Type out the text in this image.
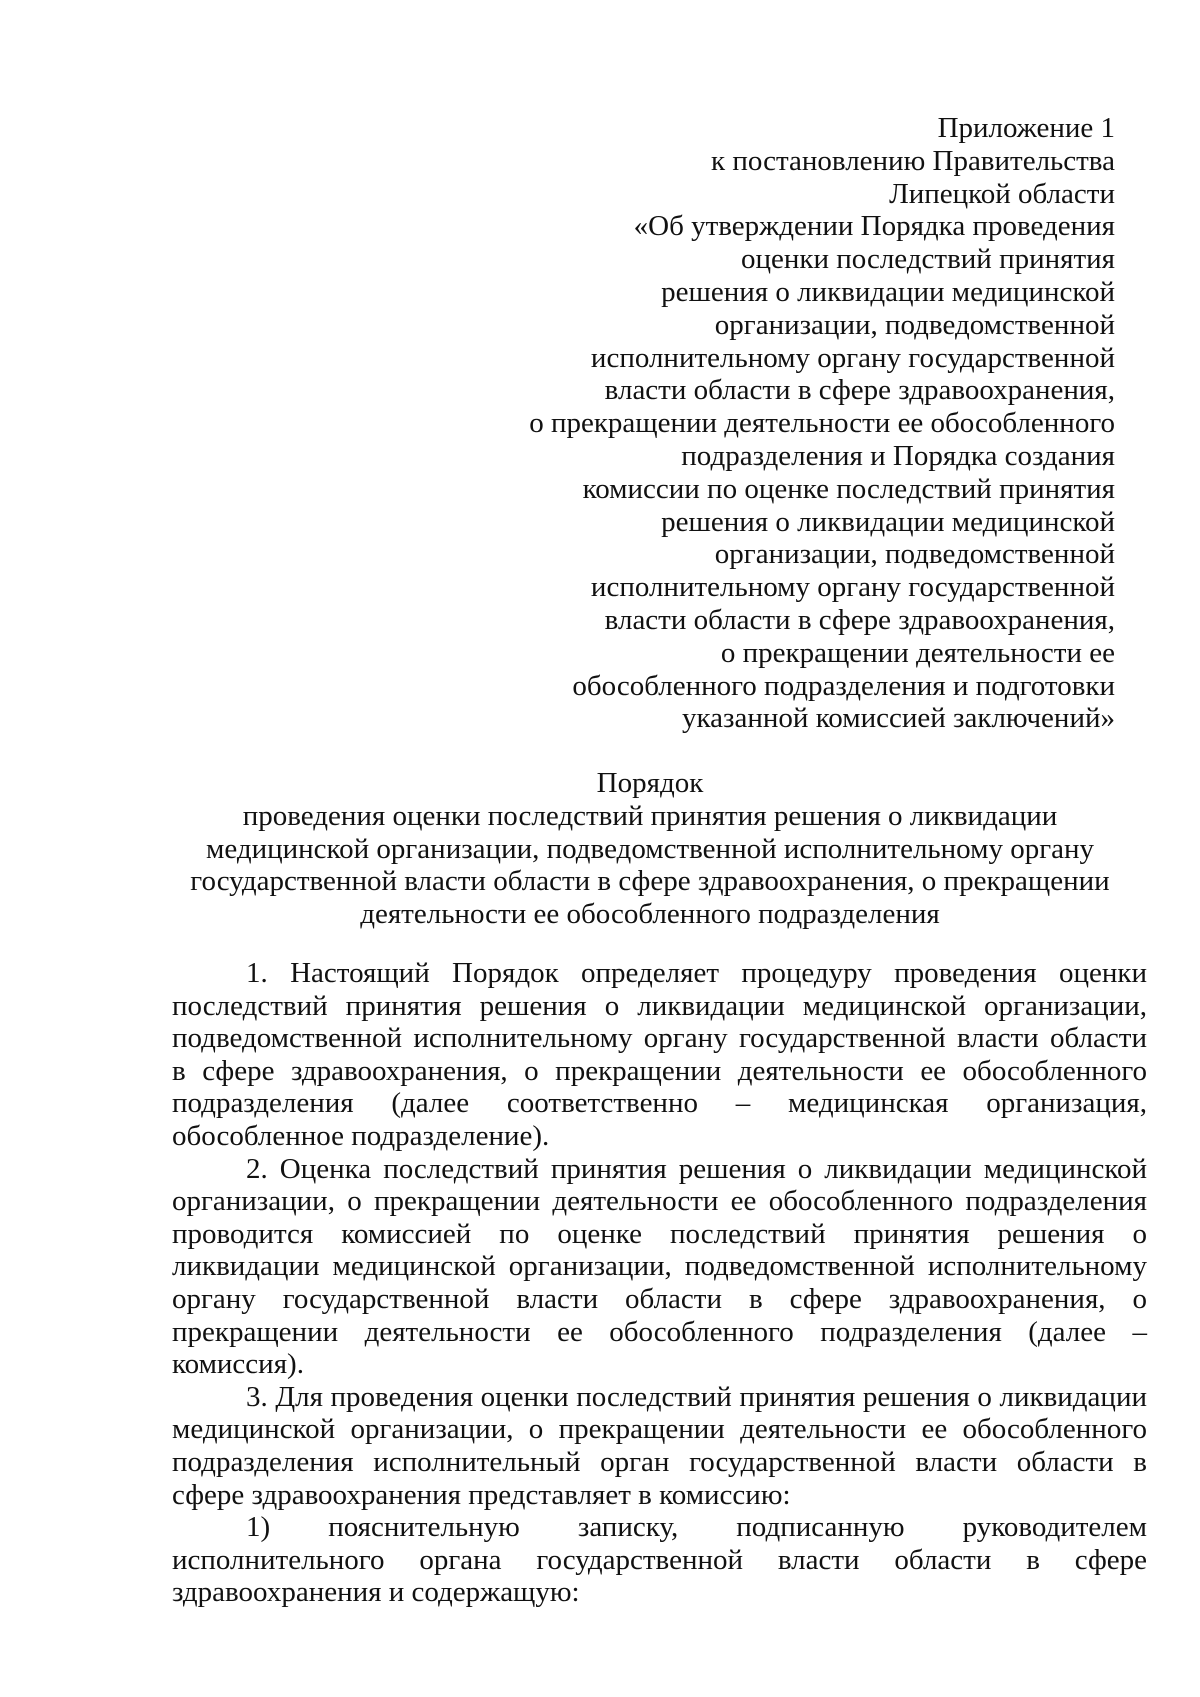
Приложение 1
к постановлению Правительства
Липецкой области
«Об утверждении Порядка проведения
оценки последствий принятия
решения о ликвидации медицинской
организации, подведомственной
исполнительному органу государственной
власти области в сфере здравоохранения,
о прекращении деятельности ее обособленного
подразделения и Порядка создания
комиссии по оценке последствий принятия
решения о ликвидации медицинской
организации, подведомственной
исполнительному органу государственной
власти области в сфере здравоохранения,
о прекращении деятельности ее
обособленного подразделения и подготовки
указанной комиссией заключений»
Порядок
проведения оценки последствий принятия решения о ликвидации
медицинской организации, подведомственной исполнительному органу
государственной власти области в сфере здравоохранения, о прекращении
деятельности ее обособленного подразделения

1. Настоящий Порядок определяет процедуру проведения оценки последствий принятия решения о ликвидации медицинской организации, подведомственной исполнительному органу государственной власти области в сфере здравоохранения, о прекращении деятельности ее обособленного подразделения (далее соответственно – медицинская организация, обособленное подразделение).

2. Оценка последствий принятия решения о ликвидации медицинской организации, о прекращении деятельности ее обособленного подразделения проводится комиссией по оценке последствий принятия решения о ликвидации медицинской организации, подведомственной исполнительному органу государственной власти области в сфере здравоохранения, о прекращении деятельности ее обособленного подразделения (далее – комиссия).

3. Для проведения оценки последствий принятия решения о ликвидации медицинской организации, о прекращении деятельности ее обособленного подразделения исполнительный орган государственной власти области в сфере здравоохранения представляет в комиссию:

1) пояснительную записку, подписанную руководителем исполнительного органа государственной власти области в сфере здравоохранения и содержащую:
